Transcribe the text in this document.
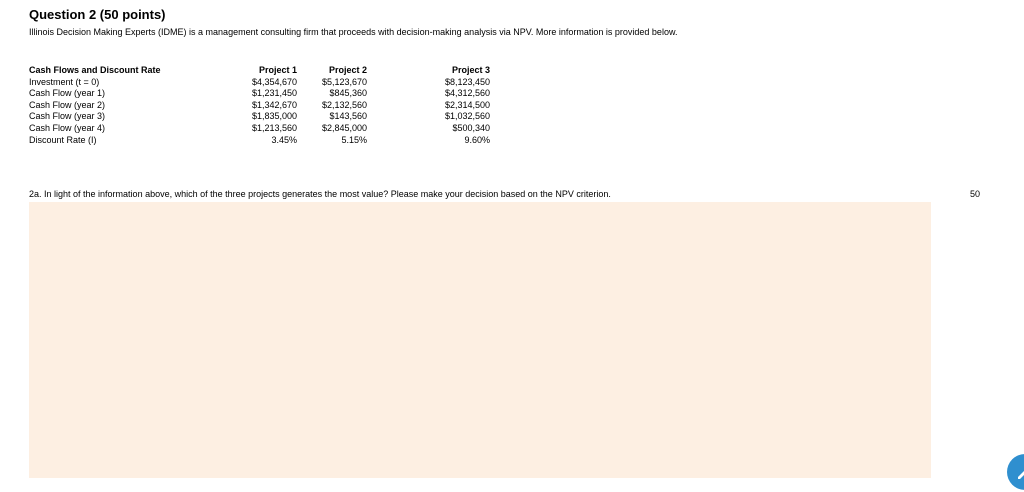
Question 2 (50 points)
Illinois Decision Making Experts (IDME) is a management consulting firm that proceeds with decision-making analysis via NPV. More information is provided below.
Cash Flows and Discount Rate	Project 1	Project 2		Project 3
Investment (t = 0)	$4,354,670	$5,123,670		$8,123,450
Cash Flow (year 1)	$1,231,450	$845,360		$4,312,560
Cash Flow (year 2)	$1,342,670	$2,132,560		$2,314,500
Cash Flow (year 3)	$1,835,000	$143,560		$1,032,560
Cash Flow (year 4)	$1,213,560	$2,845,000		$500,340
Discount Rate (I)	3.45%	5.15%		9.60%
2a. In light of the information above, which of the three projects generates the most value? Please make your decision based on the NPV criterion.	50
